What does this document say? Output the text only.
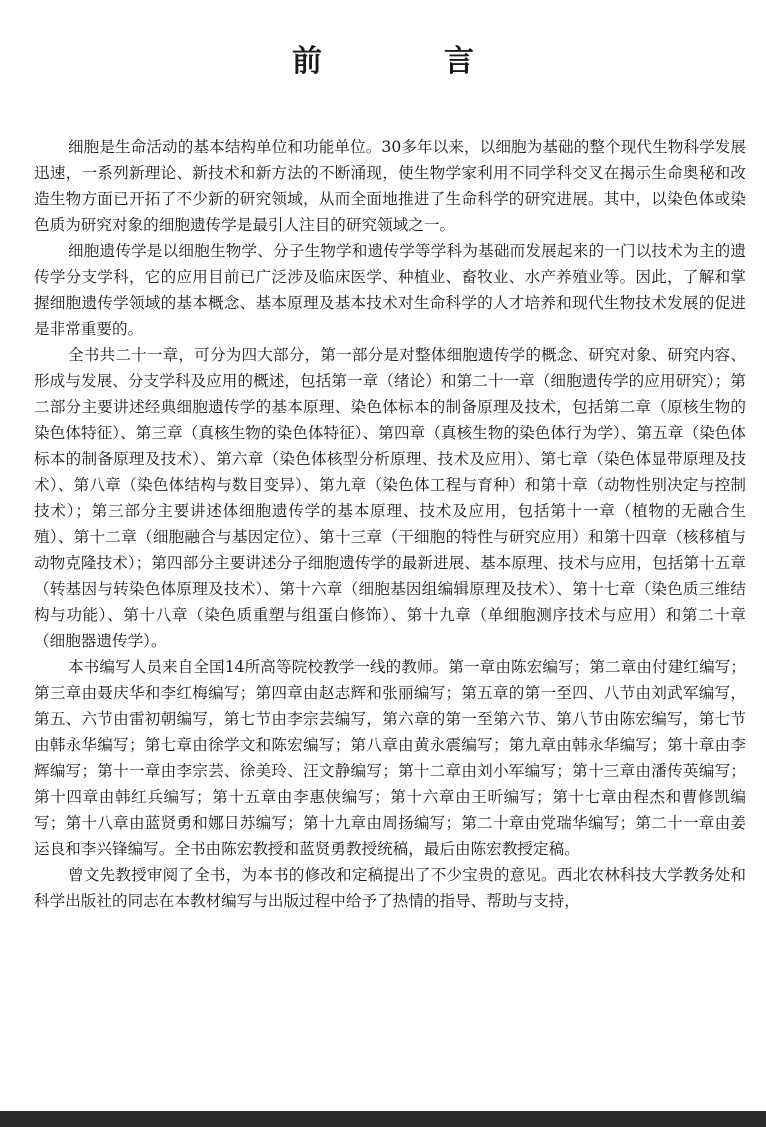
前　言

细胞是生命活动的基本结构单位和功能单位。30多年以来，以细胞为基础的整个现代生物科学发展迅速，一系列新理论、新技术和新方法的不断涌现，使生物学家利用不同学科交叉在揭示生命奥秘和改造生物方面已开拓了不少新的研究领域，从而全面地推进了生命科学的研究进展。其中，以染色体或染色质为研究对象的细胞遗传学是最引人注目的研究领域之一。

细胞遗传学是以细胞生物学、分子生物学和遗传学等学科为基础而发展起来的一门以技术为主的遗传学分支学科，它的应用目前已广泛涉及临床医学、种植业、畜牧业、水产养殖业等。因此，了解和掌握细胞遗传学领域的基本概念、基本原理及基本技术对生命科学的人才培养和现代生物技术发展的促进是非常重要的。

全书共二十一章，可分为四大部分，第一部分是对整体细胞遗传学的概念、研究对象、研究内容、形成与发展、分支学科及应用的概述，包括第一章（绪论）和第二十一章（细胞遗传学的应用研究）；第二部分主要讲述经典细胞遗传学的基本原理、染色体标本的制备原理及技术，包括第二章（原核生物的染色体特征）、第三章（真核生物的染色体特征）、第四章（真核生物的染色体行为学）、第五章（染色体标本的制备原理及技术）、第六章（染色体核型分析原理、技术及应用）、第七章（染色体显带原理及技术）、第八章（染色体结构与数目变异）、第九章（染色体工程与育种）和第十章（动物性别决定与控制技术）；第三部分主要讲述体细胞遗传学的基本原理、技术及应用，包括第十一章（植物的无融合生殖）、第十二章（细胞融合与基因定位）、第十三章（干细胞的特性与研究应用）和第十四章（核移植与动物克隆技术）；第四部分主要讲述分子细胞遗传学的最新进展、基本原理、技术与应用，包括第十五章（转基因与转染色体原理及技术）、第十六章（细胞基因组编辑原理及技术）、第十七章（染色质三维结构与功能）、第十八章（染色质重塑与组蛋白修饰）、第十九章（单细胞测序技术与应用）和第二十章（细胞器遗传学）。

本书编写人员来自全国14所高等院校教学一线的教师。第一章由陈宏编写；第二章由付建红编写；第三章由聂庆华和李红梅编写；第四章由赵志辉和张丽编写；第五章的第一至四、八节由刘武军编写，第五、六节由雷初朝编写，第七节由李宗芸编写，第六章的第一至第六节、第八节由陈宏编写，第七节由韩永华编写；第七章由徐学文和陈宏编写；第八章由黄永震编写；第九章由韩永华编写；第十章由李辉编写；第十一章由李宗芸、徐美玲、汪文静编写；第十二章由刘小军编写；第十三章由潘传英编写；第十四章由韩红兵编写；第十五章由李惠侠编写；第十六章由王昕编写；第十七章由程杰和曹修凯编写；第十八章由蓝贤勇和娜日苏编写；第十九章由周扬编写；第二十章由党瑞华编写；第二十一章由姜运良和李兴锋编写。全书由陈宏教授和蓝贤勇教授统稿，最后由陈宏教授定稿。

曾文先教授审阅了全书，为本书的修改和定稿提出了不少宝贵的意见。西北农林科技大学教务处和科学出版社的同志在本教材编写与出版过程中给予了热情的指导、帮助与支持，
